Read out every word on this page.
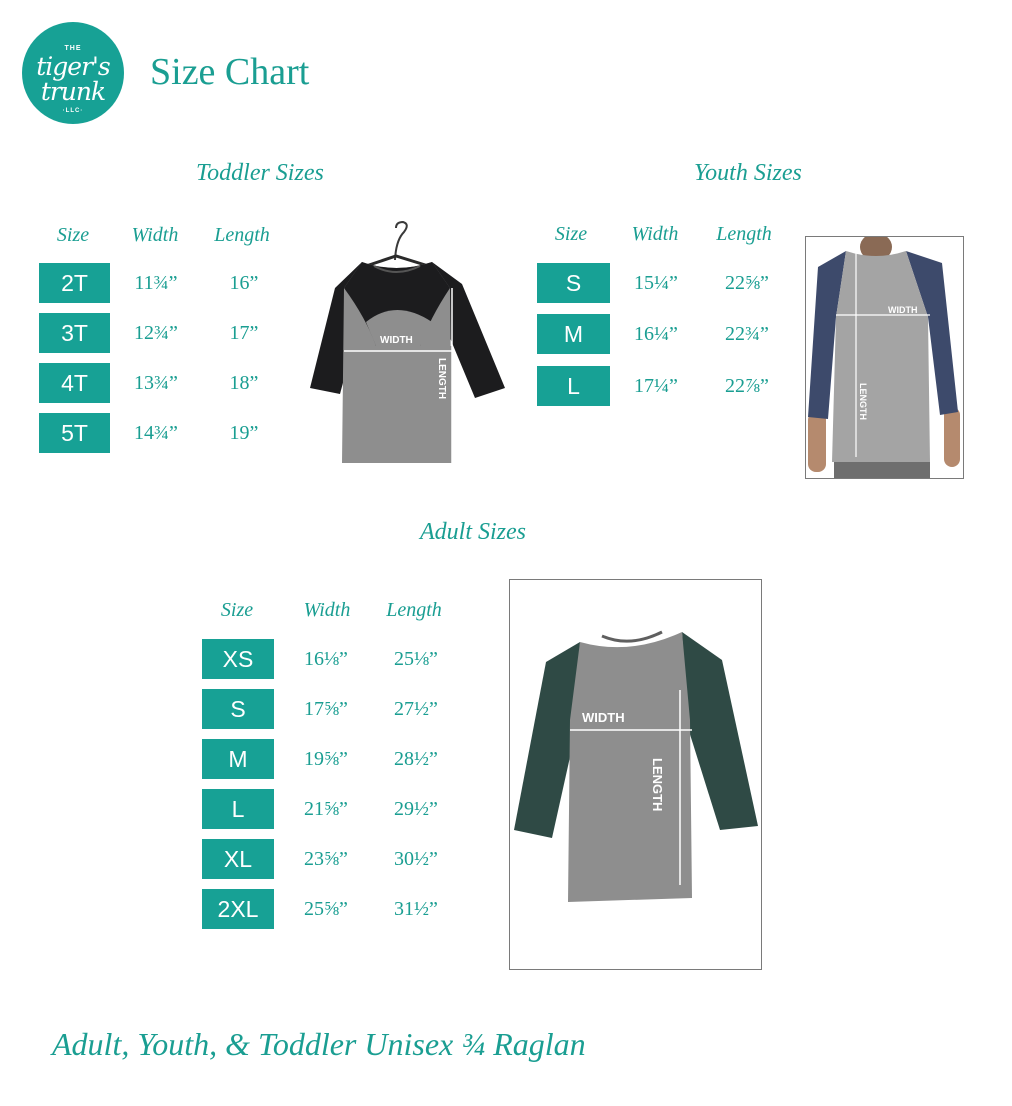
THE
tiger's
trunk
·LLC·
Size Chart
Toddler Sizes
Size	Width	Length
2T	11¾”	16”
3T	12¾”	17”
4T	13¾”	18”
5T	14¾”	19”
WIDTH
LENGTH
Youth Sizes
Size	Width	Length
S	15¼”	22⅝”
M	16¼”	22¾”
L	17¼”	22⅞”
WIDTH
LENGTH
Adult Sizes
Size	Width	Length
XS	16⅛”	25⅛”
S	17⅝”	27½”
M	19⅝”	28½”
L	21⅝”	29½”
XL	23⅝”	30½”
2XL	25⅝”	31½”
WIDTH
LENGTH
Adult, Youth, & Toddler Unisex ¾ Raglan
